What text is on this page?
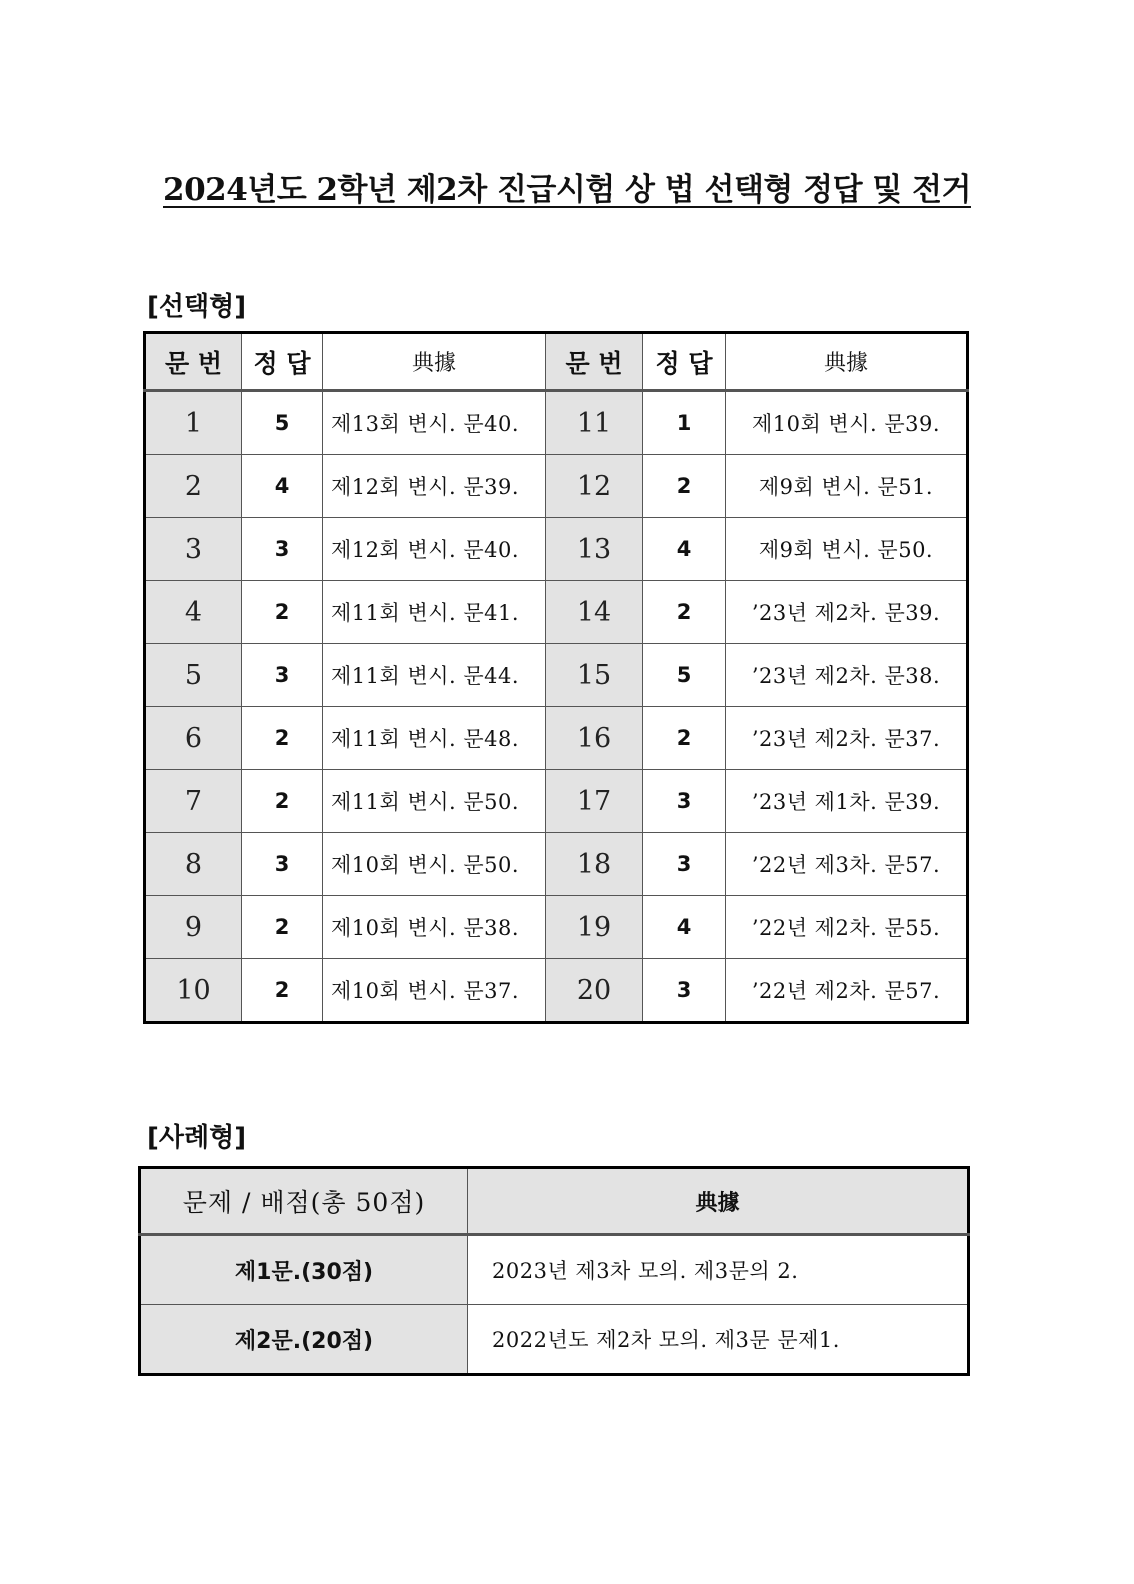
2024년도 2학년 제2차 진급시험 상 법 선택형 정답 및 전거
[선택형]
문 번	정 답	典據	문 번	정 답	典據
1	5	제13회 변시. 문40.	11	1	제10회 변시. 문39.
2	4	제12회 변시. 문39.	12	2	제9회 변시. 문51.
3	3	제12회 변시. 문40.	13	4	제9회 변시. 문50.
4	2	제11회 변시. 문41.	14	2	’23년 제2차. 문39.
5	3	제11회 변시. 문44.	15	5	’23년 제2차. 문38.
6	2	제11회 변시. 문48.	16	2	’23년 제2차. 문37.
7	2	제11회 변시. 문50.	17	3	’23년 제1차. 문39.
8	3	제10회 변시. 문50.	18	3	’22년 제3차. 문57.
9	2	제10회 변시. 문38.	19	4	’22년 제2차. 문55.
10	2	제10회 변시. 문37.	20	3	’22년 제2차. 문57.
[사례형]
문제 / 배점(총 50점)	典據
제1문.(30점)	2023년 제3차 모의. 제3문의 2.
제2문.(20점)	2022년도 제2차 모의. 제3문 문제1.
